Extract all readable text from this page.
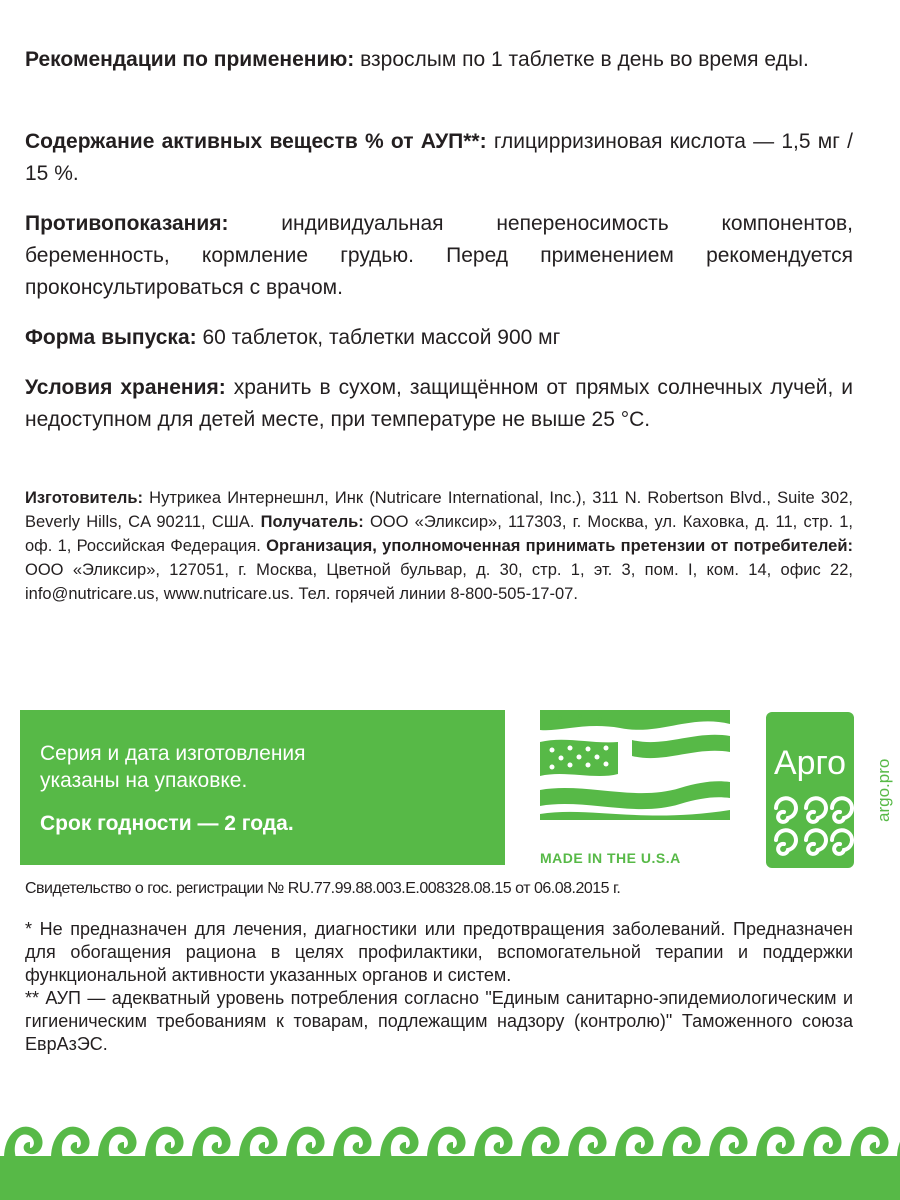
Рекомендации по применению: взрослым по 1 таблетке в день во время еды.

Содержание активных веществ % от АУП**: глицирризиновая кислота — 1,5 мг / 15 %.

Противопоказания: индивидуальная непереносимость компонентов, беременность, кормление грудью. Перед применением рекомендуется проконсультироваться с врачом.

Форма выпуска: 60 таблеток, таблетки массой 900 мг

Условия хранения: хранить в сухом, защищённом от прямых солнечных лучей, и недоступном для детей месте, при температуре не выше 25 °С.

Изготовитель: Нутрикеа Интернешнл, Инк (Nutricare International, Inc.), 311 N. Robertson Blvd., Suite 302, Beverly Hills, CA 90211, США. Получатель: ООО «Эликсир», 117303, г. Москва, ул. Каховка, д. 11, стр. 1, оф. 1, Российская Федерация. Организация, уполномоченная принимать претензии от потребителей: ООО «Эликсир», 127051, г. Москва, Цветной бульвар, д. 30, стр. 1, эт. 3, пом. I, ком. 14, офис 22, info@nutricare.us, www.nutricare.us. Тел. горячей линии 8-800-505-17-07.

Серия и дата изготовления
указаны на упаковке.
Срок годности — 2 года.
MADE IN THE U.S.A
Арго argo.pro
Свидетельство о гос. регистрации № RU.77.99.88.003.Е.008328.08.15 от 06.08.2015 г.

* Не предназначен для лечения, диагностики или предотвращения заболеваний. Предназначен для обогащения рациона в целях профилактики, вспомогательной терапии и поддержки функциональной активности указанных органов и систем.

** АУП — адекватный уровень потребления согласно "Единым санитарно-эпидемиологическим и гигиеническим требованиям к товарам, подлежащим надзору (контролю)" Таможенного союза ЕврАзЭС.
